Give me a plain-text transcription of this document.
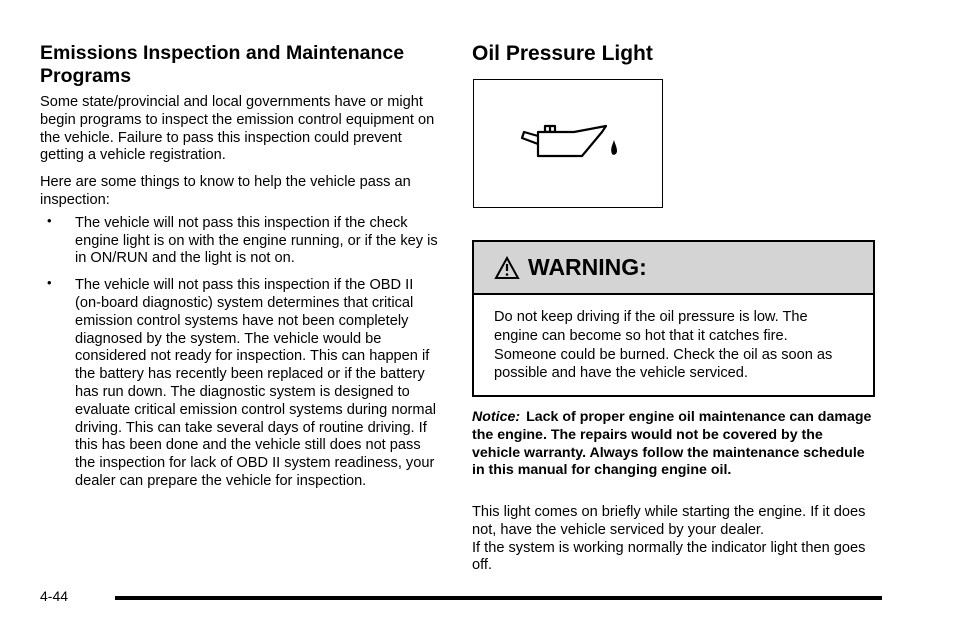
Emissions Inspection and Maintenance Programs

Some state/provincial and local governments have or might begin programs to inspect the emission control equipment on the vehicle. Failure to pass this inspection could prevent getting a vehicle registration.

Here are some things to know to help the vehicle pass an inspection:

• The vehicle will not pass this inspection if the check engine light is on with the engine running, or if the key is in ON/RUN and the light is not on.
• The vehicle will not pass this inspection if the OBD II (on-board diagnostic) system determines that critical emission control systems have not been completely diagnosed by the system. The vehicle would be considered not ready for inspection. This can happen if the battery has recently been replaced or if the battery has run down. The diagnostic system is designed to evaluate critical emission control systems during normal driving. This can take several days of routine driving. If this has been done and the vehicle still does not pass the inspection for lack of OBD II system readiness, your dealer can prepare the vehicle for inspection.
Oil Pressure Light
WARNING:
Do not keep driving if the oil pressure is low. The engine can become so hot that it catches fire. Someone could be burned. Check the oil as soon as possible and have the vehicle serviced.
Notice: Lack of proper engine oil maintenance can damage the engine. The repairs would not be covered by the vehicle warranty. Always follow the maintenance schedule in this manual for changing engine oil.

This light comes on briefly while starting the engine. If it does not, have the vehicle serviced by your dealer.

If the system is working normally the indicator light then goes off.

4-44
